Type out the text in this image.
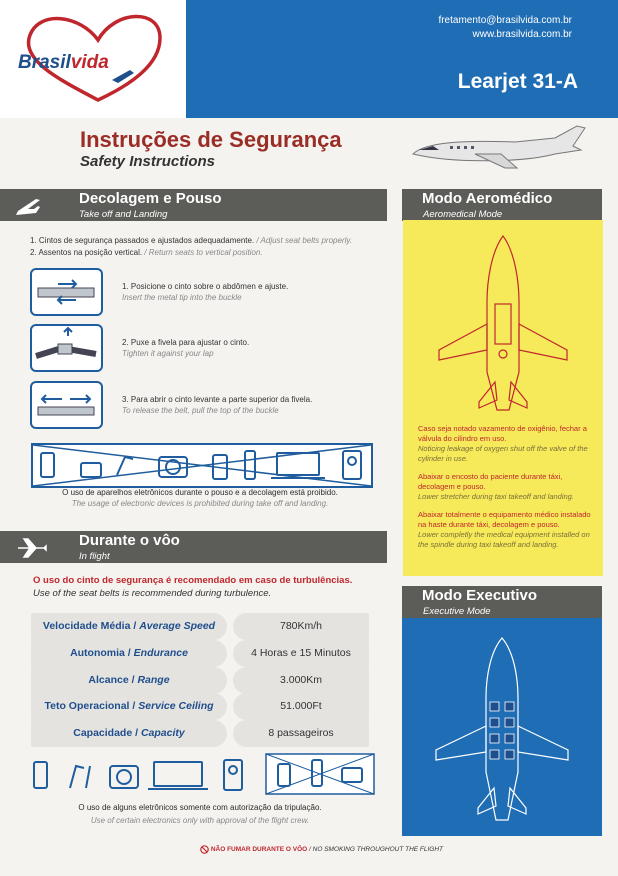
Brasilvida
fretamento@brasilvida.com.br
www.brasilvida.com.br
Learjet 31-A
Instruções de Segurança
Safety Instructions
Decolagem e Pouso
Take off and Landing
1. Cintos de segurança passados e ajustados adequadamente. / Adjust seat belts properly.
2. Assentos na posição vertical. / Return seats to vertical position.
1. Posicione o cinto sobre o abdômen e ajuste.
Insert the metal tip into the buckle
2. Puxe a fivela para ajustar o cinto.
Tighten it against your lap
3. Para abrir o cinto levante a parte superior da fivela.
To release the belt, pull the top of the buckle
O uso de aparelhos eletrônicos durante o pouso e a decolagem está proibido.
The usage of electronic devices is prohibited during take off and landing.
Durante o vôo
In flight
O uso do cinto de segurança é recomendado em caso de turbulências.
Use of the seat belts is recommended during turbulence.
Velocidade Média / Average Speed	780Km/h
Autonomia / Endurance	4 Horas e 15 Minutos
Alcance / Range	3.000Km
Teto Operacional / Service Ceiling	51.000Ft
Capacidade / Capacity	8 passageiros
O uso de alguns eletrônicos somente com autorização da tripulação.
Use of certain electronics only with approval of the flight crew.
NÃO FUMAR DURANTE O VÔO / NO SMOKING THROUGHOUT THE FLIGHT
Modo Aeromédico
Aeromedical Mode
Caso seja notado vazamento de oxigênio, fechar a válvula do cilindro em uso.
Noticing leakage of oxygen shut off the valve of the cylinder in use.
Abaixar o encosto do paciente durante táxi, decolagem e pouso.
Lower stretcher during taxi takeoff and landing.
Abaixar totalmente o equipamento médico instalado na haste durante táxi, decolagem e pouso.
Lower completly the medical equipment installed on the spindle during taxi takeoff and landing.
Modo Executivo
Executive Mode
